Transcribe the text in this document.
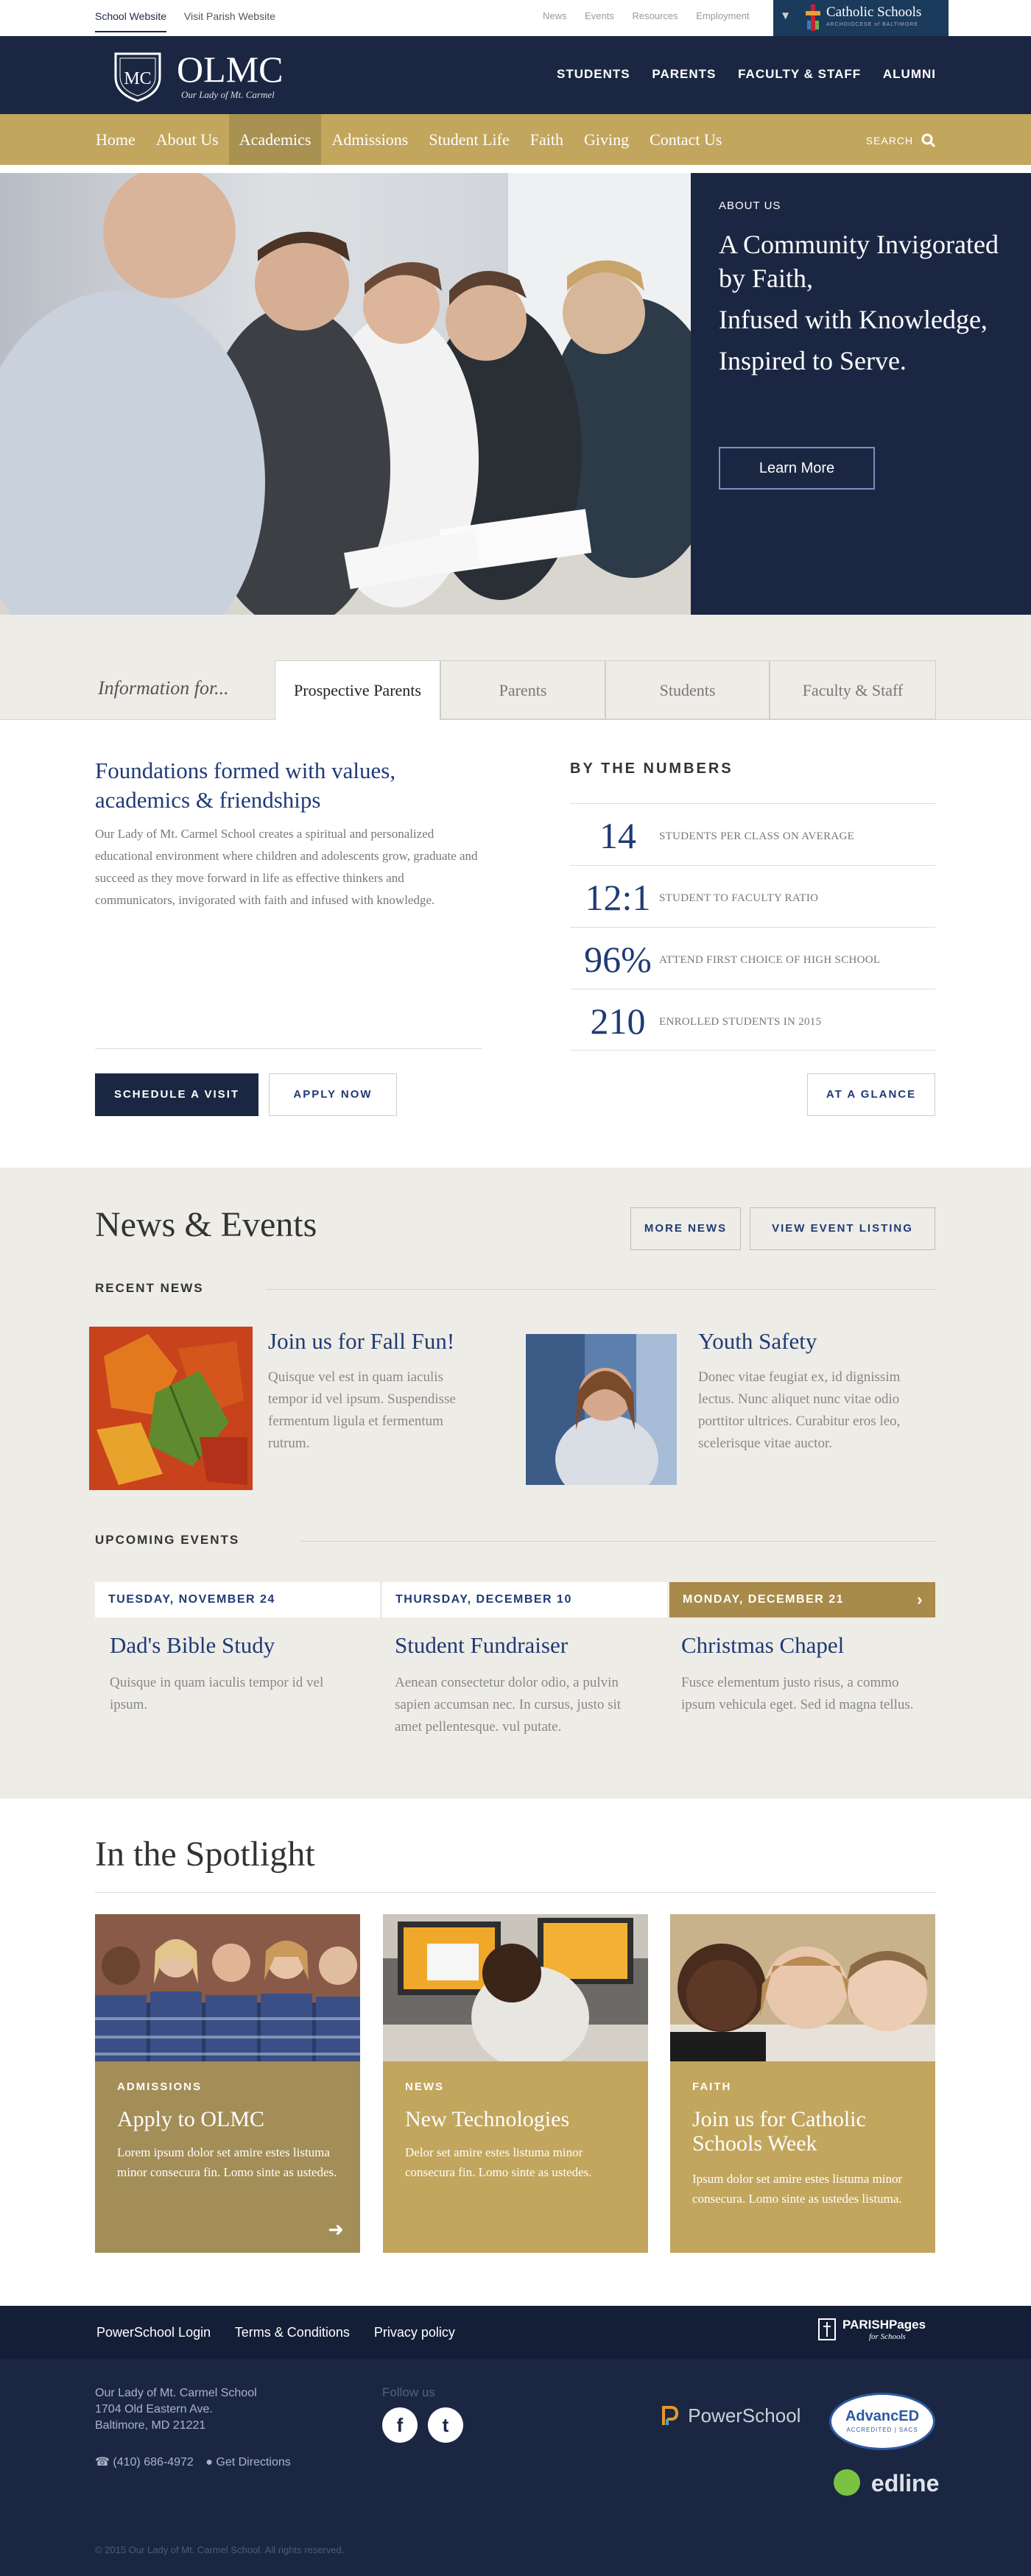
School Website Visit Parish Website	News Events Resources Employment	▼	Catholic Schools
ARCHDIOCESE of BALTIMORE
MC OLMC
Our Lady of Mt. Carmel
STUDENTS PARENTS FACULTY & STAFF ALUMNI
Home	About Us	Academics	Admissions	Student Life	Faith	Giving	Contact Us	SEARCH
ABOUT US

A Community Invigorated by Faith,

Infused with Knowledge,

Inspired to Serve.

Learn More
Information for...	Prospective Parents	Parents	Students	Faculty & Staff
Foundations formed with values, academics & friendships
Our Lady of Mt. Carmel School creates a spiritual and personalized educational environment where children and adolescents grow, graduate and succeed as they move forward in life as effective thinkers and communicators, invigorated with faith and infused with knowledge.
SCHEDULE A VISIT	APPLY NOW
BY THE NUMBERS
14	STUDENTS PER CLASS ON AVERAGE
12:1 STUDENT TO FACULTY RATIO
96% ATTEND FIRST CHOICE OF HIGH SCHOOL
210	ENROLLED STUDENTS IN 2015
AT A GLANCE
News & Events	MORE NEWS	VIEW EVENT LISTING
RECENT NEWS
Join us for Fall Fun!
Quisque vel est in quam iaculis tempor id vel ipsum. Suspendisse fermentum ligula et fermentum rutrum.
Youth Safety
Donec vitae feugiat ex, id dignissim lectus. Nunc aliquet nunc vitae odio porttitor ultrices. Curabitur eros leo, scelerisque vitae auctor.
UPCOMING EVENTS
TUESDAY, NOVEMBER 24	THURSDAY, DECEMBER 10	MONDAY, DECEMBER 21	›
Dad's Bible Study
Quisque in quam iaculis tempor id vel ipsum.
Student Fundraiser
Aenean consectetur dolor odio, a pulvin sapien accumsan nec. In cursus, justo sit amet pellentesque. vul putate.
Christmas Chapel
Fusce elementum justo risus, a commo ipsum vehicula eget. Sed id magna tellus.
In the Spotlight
ADMISSIONS
Apply to OLMC
Lorem ipsum dolor set amire estes listuma minor consecura fin. Lomo sinte as ustedes.
➜
NEWS
New Technologies
Delor set amire estes listuma minor consecura fin. Lomo sinte as ustedes.
FAITH
Join us for Catholic Schools Week
Ipsum dolor set amire estes listuma minor consecura. Lomo sinte as ustedes listuma.
PowerSchool Login Terms & Conditions Privacy policy
PARISHPages
for Schools
Our Lady of Mt. Carmel School
1704 Old Eastern Ave.
Baltimore, MD 21221
☎ (410) 686-4972 ● Get Directions
Follow us
f	t	PowerSchool	AdvancED
ACCREDITED | SACS
edline
© 2015 Our Lady of Mt. Carmel School. All rights reserved.
